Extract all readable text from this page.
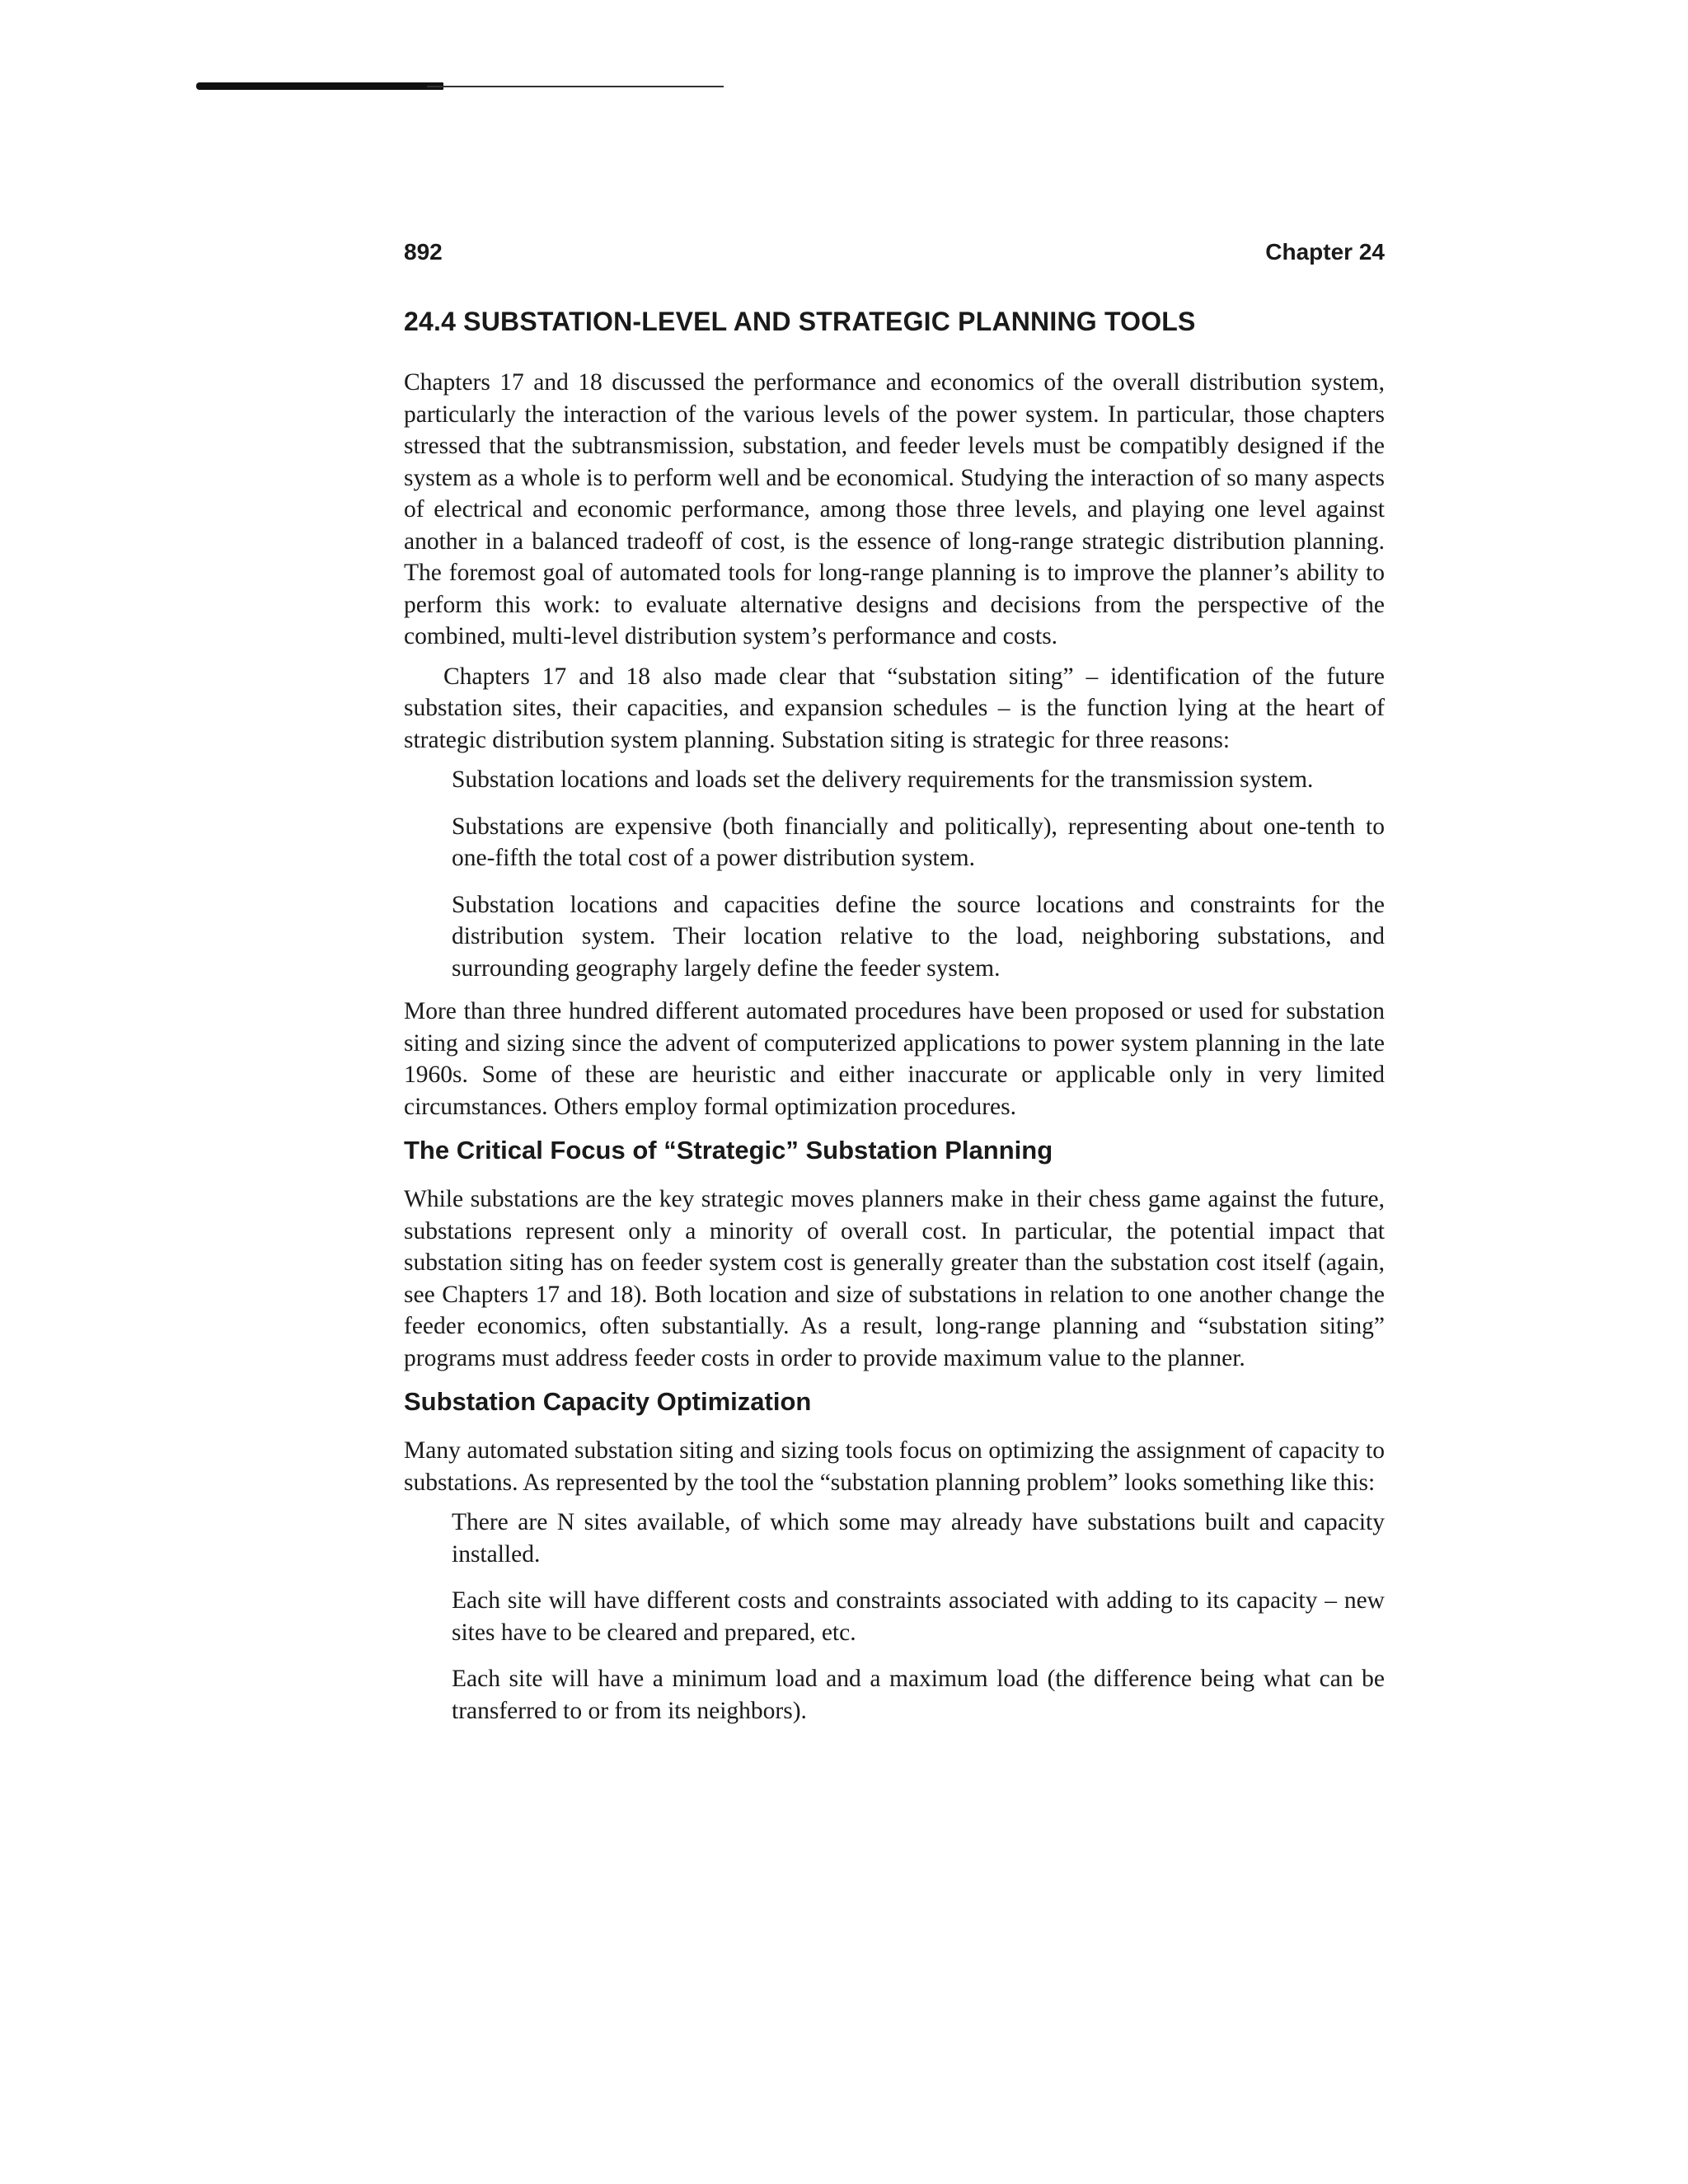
892	Chapter 24
24.4 SUBSTATION-LEVEL AND STRATEGIC PLANNING TOOLS

Chapters 17 and 18 discussed the performance and economics of the overall distribution system, particularly the interaction of the various levels of the power system. In particular, those chapters stressed that the subtransmission, substation, and feeder levels must be compatibly designed if the system as a whole is to perform well and be economical. Studying the interaction of so many aspects of electrical and economic performance, among those three levels, and playing one level against another in a balanced tradeoff of cost, is the essence of long-range strategic distribution planning. The foremost goal of automated tools for long-range planning is to improve the planner’s ability to perform this work: to evaluate alternative designs and decisions from the perspective of the combined, multi-level distribution system’s performance and costs.

Chapters 17 and 18 also made clear that “substation siting” – identification of the future substation sites, their capacities, and expansion schedules – is the function lying at the heart of strategic distribution system planning. Substation siting is strategic for three reasons:

Substation locations and loads set the delivery requirements for the transmission system.
Substations are expensive (both financially and politically), representing about one-tenth to one-fifth the total cost of a power distribution system.
Substation locations and capacities define the source locations and constraints for the distribution system. Their location relative to the load, neighboring substations, and surrounding geography largely define the feeder system.

More than three hundred different automated procedures have been proposed or used for substation siting and sizing since the advent of computerized applications to power system planning in the late 1960s. Some of these are heuristic and either inaccurate or applicable only in very limited circumstances. Others employ formal optimization procedures.

The Critical Focus of “Strategic” Substation Planning

While substations are the key strategic moves planners make in their chess game against the future, substations represent only a minority of overall cost. In particular, the potential impact that substation siting has on feeder system cost is generally greater than the substation cost itself (again, see Chapters 17 and 18). Both location and size of substations in relation to one another change the feeder economics, often substantially. As a result, long-range planning and “substation siting” programs must address feeder costs in order to provide maximum value to the planner.

Substation Capacity Optimization

Many automated substation siting and sizing tools focus on optimizing the assignment of capacity to substations. As represented by the tool the “substation planning problem” looks something like this:

There are N sites available, of which some may already have substations built and capacity installed.
Each site will have different costs and constraints associated with adding to its capacity – new sites have to be cleared and prepared, etc.
Each site will have a minimum load and a maximum load (the difference being what can be transferred to or from its neighbors).
